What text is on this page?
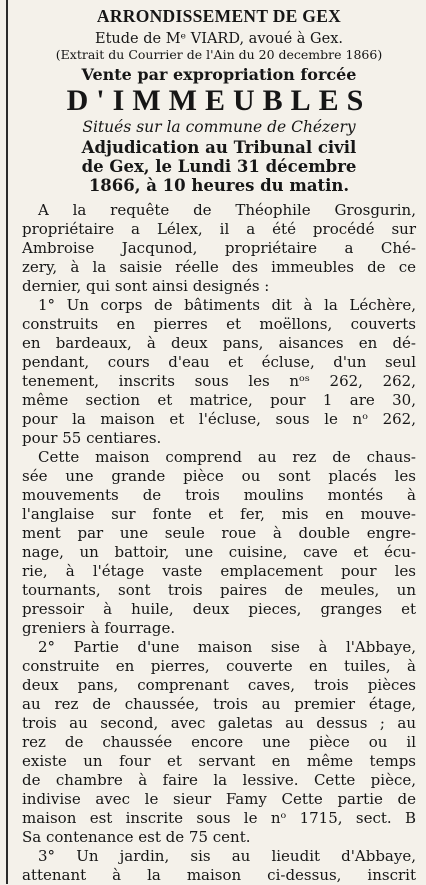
ARRONDISSEMENT DE GEX
Etude de Mᵉ VIARD, avoué à Gex.
(Extrait du Courrier de l'Ain du 20 decembre 1866)
Vente par expropriation forcée
D'IMMEUBLES
Situés sur la commune de Chézery
Adjudication au Tribunal civil
de Gex, le Lundi 31 décembre
1866, à 10 heures du matin.
A la requête de Théophile Grosgurin,
propriétaire a Lélex, il a été procédé sur
Ambroise Jacqunod, propriétaire a Ché-
zery, à la saisie réelle des immeubles de ce
dernier, qui sont ainsi designés :
1° Un corps de bâtiments dit à la Léchère,
construits en pierres et moëllons, couverts
en bardeaux, à deux pans, aisances en dé-
pendant, cours d'eau et écluse, d'un seul
tenement, inscrits sous les nᵒˢ 262, 262,
même section et matrice, pour 1 are 30,
pour la maison et l'écluse, sous le nᵒ 262,
pour 55 centiares.
Cette maison comprend au rez de chaus-
sée une grande pièce ou sont placés les
mouvements de trois moulins montés à
l'anglaise sur fonte et fer, mis en mouve-
ment par une seule roue à double engre-
nage, un battoir, une cuisine, cave et écu-
rie, à l'étage vaste emplacement pour les
tournants, sont trois paires de meules, un
pressoir à huile, deux pieces, granges et
greniers à fourrage.
2° Partie d'une maison sise à l'Abbaye,
construite en pierres, couverte en tuiles, à
deux pans, comprenant caves, trois pièces
au rez de chaussée, trois au premier étage,
trois au second, avec galetas au dessus ; au
rez de chaussée encore une pièce ou il
existe un four et servant en même temps
de chambre à faire la lessive. Cette pièce,
indivise avec le sieur Famy Cette partie de
maison est inscrite sous le nᵒ 1715, sect. B
Sa contenance est de 75 cent.
3° Un jardin, sis au lieudit d'Abbaye,
attenant à la maison ci-dessus, inscrit
